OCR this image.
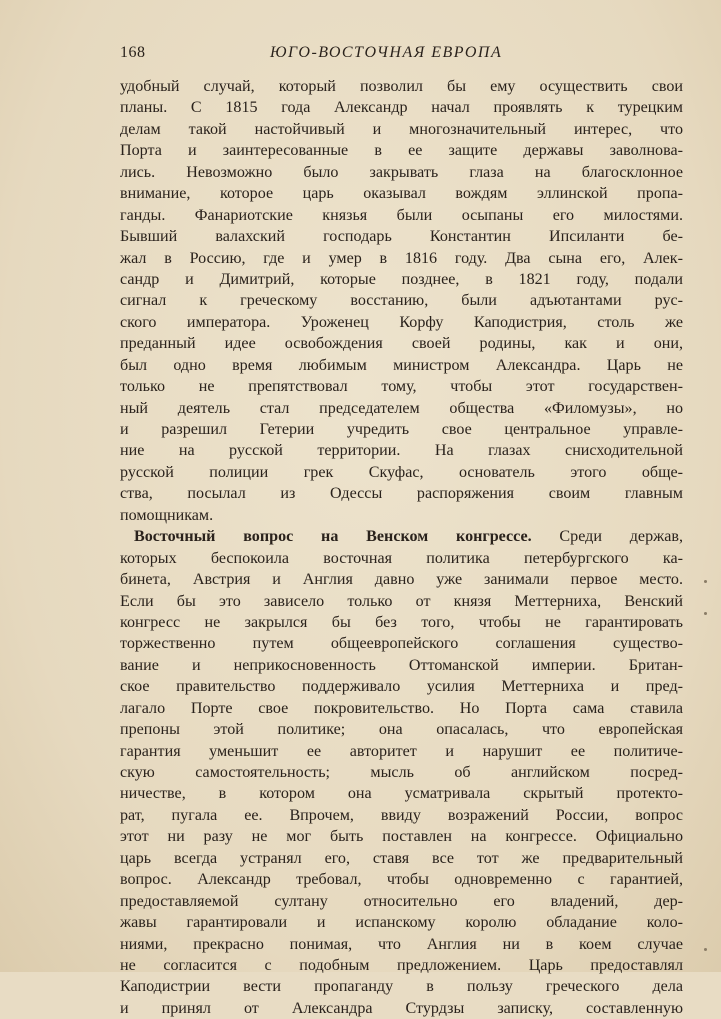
168	ЮГО-ВОСТОЧНАЯ ЕВРОПА
удобный случай, который позволил бы ему осуществить свои
планы. С 1815 года Александр начал проявлять к турецким
делам такой настойчивый и многозначительный интерес, что
Порта и заинтересованные в ее защите державы заволнова-
лись. Невозможно было закрывать глаза на благосклонное
внимание, которое царь оказывал вождям эллинской пропа-
ганды. Фанариотские князья были осыпаны его милостями.
Бывший валахский господарь Константин Ипсиланти бе-
жал в Россию, где и умер в 1816 году. Два сына его, Алек-
сандр и Димитрий, которые позднее, в 1821 году, подали
сигнал к греческому восстанию, были адъютантами рус-
ского императора. Уроженец Корфу Каподистрия, столь же
преданный идее освобождения своей родины, как и они,
был одно время любимым министром Александра. Царь не
только не препятствовал тому, чтобы этот государствен-
ный деятель стал председателем общества «Филомузы», но
и разрешил Гетерии учредить свое центральное управле-
ние на русской территории. На глазах снисходительной
русской полиции грек Скуфас, основатель этого обще-
ства, посылал из Одессы распоряжения своим главным
помощникам.
Восточный вопрос на Венском конгрессе. Среди держав,
которых беспокоила восточная политика петербургского ка-
бинета, Австрия и Англия давно уже занимали первое место.
Если бы это зависело только от князя Меттерниха, Венский
конгресс не закрылся бы без того, чтобы не гарантировать
торжественно путем общеевропейского соглашения существо-
вание и неприкосновенность Оттоманской империи. Британ-
ское правительство поддерживало усилия Меттерниха и пред-
лагало Порте свое покровительство. Но Порта сама ставила
препоны этой политике; она опасалась, что европейская
гарантия уменьшит ее авторитет и нарушит ее политиче-
скую самостоятельность; мысль об английском посред-
ничестве, в котором она усматривала скрытый протекто-
рат, пугала ее. Впрочем, ввиду возражений России, вопрос
этот ни разу не мог быть поставлен на конгрессе. Официально
царь всегда устранял его, ставя все тот же предварительный
вопрос. Александр требовал, чтобы одновременно с гарантией,
предоставляемой султану относительно его владений, дер-
жавы гарантировали и испанскому королю обладание коло-
ниями, прекрасно понимая, что Англия ни в коем случае
не согласится с подобным предложением. Царь предоставлял
Каподистрии вести пропаганду в пользу греческого дела
и принял от Александра Стурдзы записку, составленную
